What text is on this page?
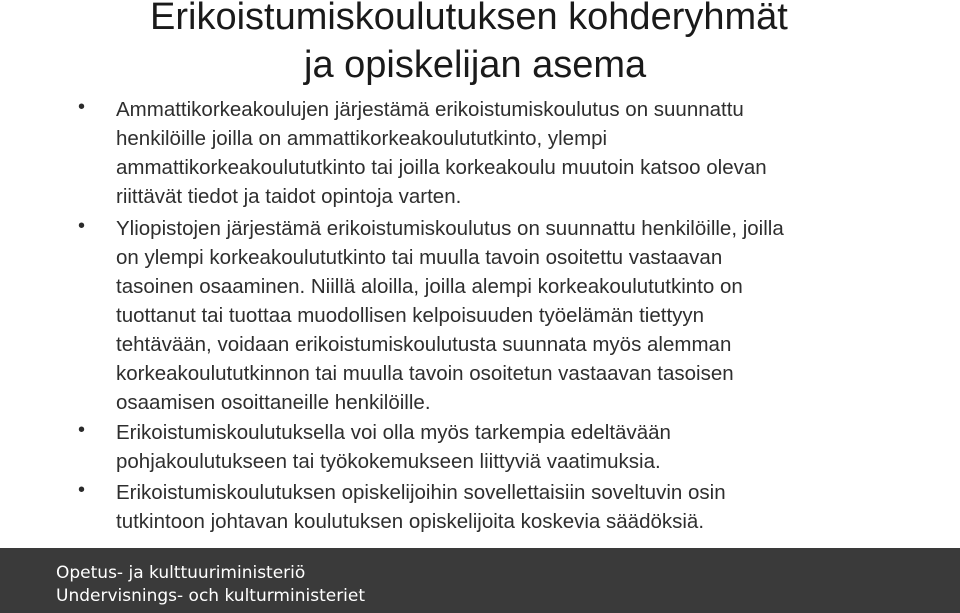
Erikoistumiskoulutuksen kohderyhmät
ja opiskelijan asema
• Ammattikorkeakoulujen järjestämä erikoistumiskoulutus on suunnattu
henkilöille joilla on ammattikorkeakoulututkinto, ylempi
ammattikorkeakoulututkinto tai joilla korkeakoulu muutoin katsoo olevan
riittävät tiedot ja taidot opintoja varten.
• Yliopistojen järjestämä erikoistumiskoulutus on suunnattu henkilöille, joilla
on ylempi korkeakoulututkinto tai muulla tavoin osoitettu vastaavan
tasoinen osaaminen. Niillä aloilla, joilla alempi korkeakoulututkinto on
tuottanut tai tuottaa muodollisen kelpoisuuden työelämän tiettyyn
tehtävään, voidaan erikoistumiskoulutusta suunnata myös alemman
korkeakoulututkinnon tai muulla tavoin osoitetun vastaavan tasoisen
osaamisen osoittaneille henkilöille.
• Erikoistumiskoulutuksella voi olla myös tarkempia edeltävään
pohjakoulutukseen tai työkokemukseen liittyviä vaatimuksia.
• Erikoistumiskoulutuksen opiskelijoihin sovellettaisiin soveltuvin osin
tutkintoon johtavan koulutuksen opiskelijoita koskevia säädöksiä.
Opetus- ja kulttuuriministeriö
Undervisnings- och kulturministeriet
